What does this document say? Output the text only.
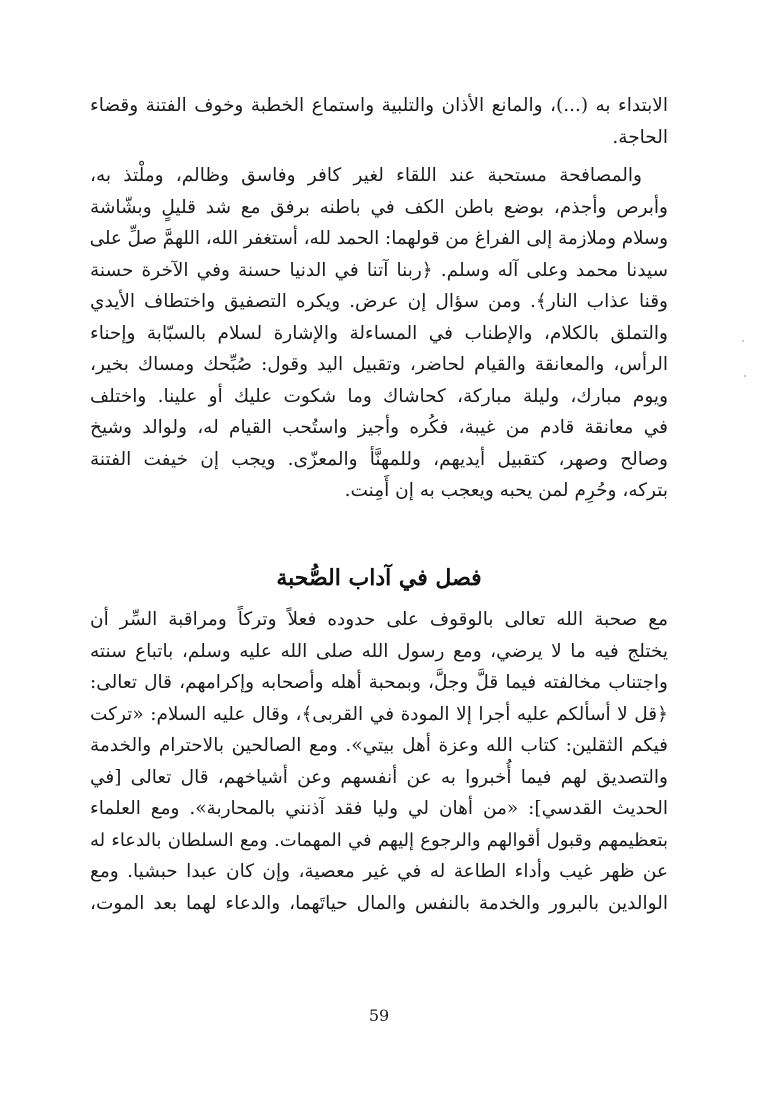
الابتداء به (...)، والمانع الأذان والتلبية واستماع الخطبة وخوف الفتنة وقضاء
الحاجة.
والمصافحة مستحبة عند اللقاء لغير كافر وفاسق وظالم، وملْتذ به،
وأبرص وأجذم، بوضع باطن الكف في باطنه برفق مع شد قليلٍ وبشّاشة
وسلام وملازمة إلى الفراغ من قولهما: الحمد لله، أستغفر الله، اللهمَّ صلِّ على
سيدنا محمد وعلى آله وسلم. ﴿ربنا آتنا في الدنيا حسنة وفي الآخرة حسنة
وقنا عذاب النار﴾. ومن سؤال إن عرض. ويكره التصفيق واختطاف الأيدي
والتملق بالكلام، والإطناب في المساءلة والإشارة لسلام بالسبّابة وإحناء
الرأس، والمعانقة والقيام لحاضر، وتقبيل اليد وقول: صُبِّحك ومساك بخير،
ويوم مبارك، وليلة مباركة، كحاشاك وما شكوت عليك أو علينا. واختلف
في معانقة قادم من غيبة، فكُره وأجيز واستُحب القيام له، ولوالد وشيخ
وصالح وصهر، كتقبيل أيديهم، وللمهنَّأ والمعزّى. ويجب إن خيفت الفتنة
بتركه، وحُرِم لمن يحبه ويعجب به إن أَمِنت.
فصل في آداب الصُّحبة
مع صحبة الله تعالى بالوقوف على حدوده فعلاً وتركاً ومراقبة السِّر أن
يختلج فيه ما لا يرضي، ومع رسول الله صلى الله عليه وسلم، باتباع سنته
واجتناب مخالفته فيما قلَّ وجلَّ، وبمحبة أهله وأصحابه وإكرامهم، قال تعالى:
﴿قل لا أسألكم عليه أجرا إلا المودة في القربى﴾، وقال عليه السلام: «تركت
فيكم الثقلين: كتاب الله وعزة أهل بيتي». ومع الصالحين بالاحترام والخدمة
والتصديق لهم فيما أُخبروا به عن أنفسهم وعن أشياخهم، قال تعالى [في
الحديث القدسي]: «من أهان لي وليا فقد آذنني بالمحاربة». ومع العلماء
بتعظيمهم وقبول أقوالهم والرجوع إليهم في المهمات. ومع السلطان بالدعاء له
عن ظهر غيب وأداء الطاعة له في غير معصية، وإن كان عبدا حبشيا. ومع
الوالدين بالبرور والخدمة بالنفس والمال حياتَهما، والدعاء لهما بعد الموت،
59
